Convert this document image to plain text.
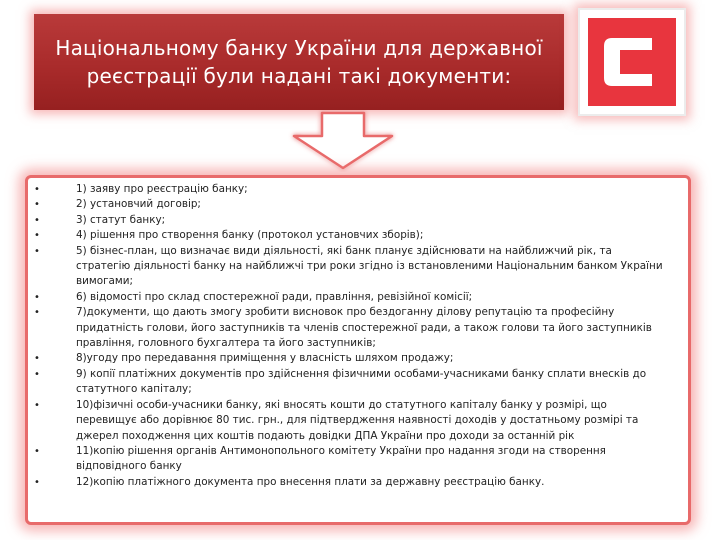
Національному банку України для державної
реєстрації були надані такі документи:
•	1) заяву про реєстрацію банку;
•	2) установчий договір;
•	3) статут банку;
•	4) рішення про створення банку (протокол установчих зборів);
•	5) бізнес-план, що визначає види діяльності, які банк планує здійснювати на найближчий рік, та стратегію діяльності банку на найближчі три роки згідно із встановленими Національним банком України вимогами;
•	6) відомості про склад спостережної ради, правління, ревізійної комісії;
•	7)документи, що дають змогу зробити висновок про бездоганну ділову репутацію та професійну придатність голови, його заступників та членів спостережної ради, а також голови та його заступників правління, головного бухгалтера та його заступників;
•	8)угоду про передавання приміщення у власність шляхом продажу;
•	9) копії платіжних документів про здійснення фізичними особами-учасниками банку сплати внесків до статутного капіталу;
•	10)фізичні особи-учасники банку, які вносять кошти до статутного капіталу банку у розмірі, що перевищує або дорівнює 80 тис. грн., для підтвердження наявності доходів у достатньому розмірі та джерел походження цих коштів подають довідки ДПА України про доходи за останній рік
•	11)копію рішення органів Антимонопольного комітету України про надання згоди на створення відповідного банку
•	12)копію платіжного документа про внесення плати за державну реєстрацію банку.
